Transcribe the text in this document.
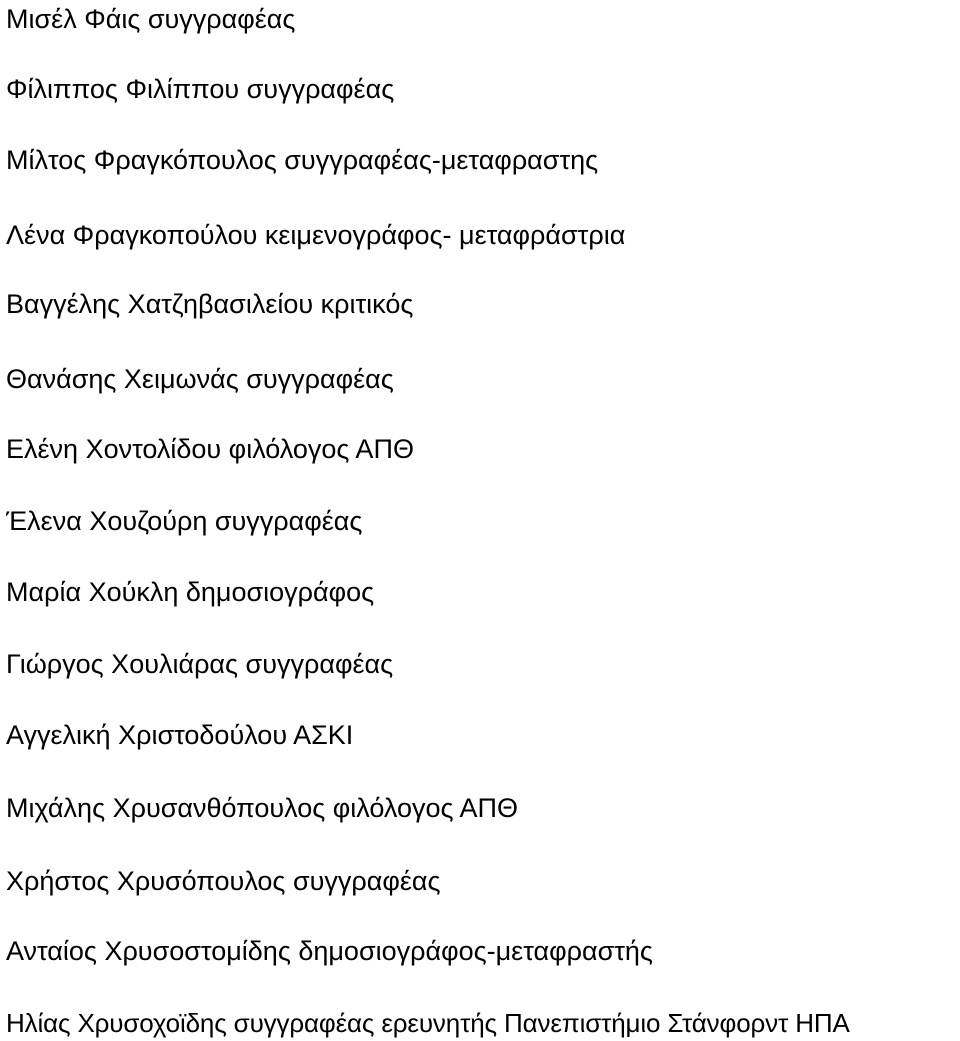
Μισέλ Φάις συγγραφέας
Φίλιππος Φιλίππου συγγραφέας
Μίλτος Φραγκόπουλος συγγραφέας-μεταφραστης
Λένα Φραγκοπούλου κειμενογράφος- μεταφράστρια
Βαγγέλης Χατζηβασιλείου κριτικός
Θανάσης Χειμωνάς συγγραφέας
Ελένη Χοντολίδου φιλόλογος ΑΠΘ
Έλενα Χουζούρη συγγραφέας
Μαρία Χούκλη δημοσιογράφος
Γιώργος Χουλιάρας συγγραφέας
Αγγελική Χριστοδούλου ΑΣΚΙ
Μιχάλης Χρυσανθόπουλος φιλόλογος ΑΠΘ
Χρήστος Χρυσόπουλος συγγραφέας
Ανταίος Χρυσοστομίδης δημοσιογράφος-μεταφραστής
Ηλίας Χρυσοχοϊδης συγγραφέας ερευνητής Πανεπιστήμιο Στάνφορντ ΗΠΑ
